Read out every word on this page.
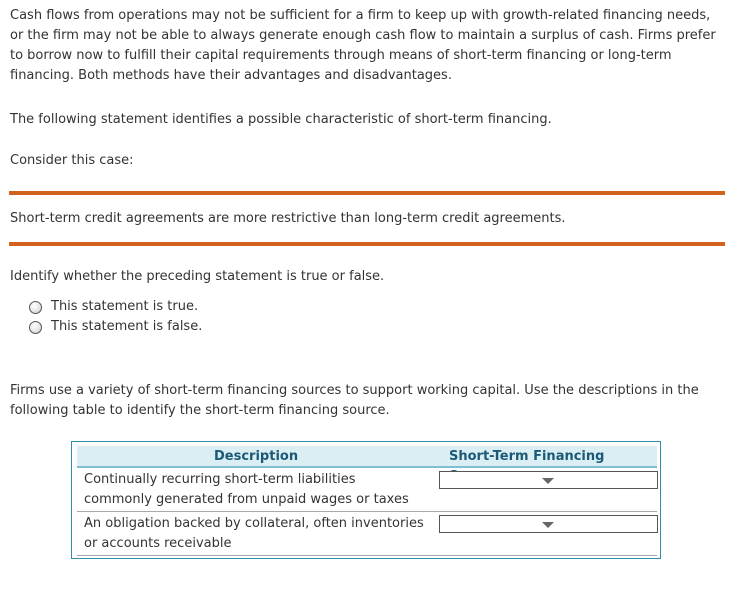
Cash flows from operations may not be sufficient for a firm to keep up with growth-related financing needs, or the firm may not be able to always generate enough cash flow to maintain a surplus of cash. Firms prefer to borrow now to fulfill their capital requirements through means of short-term financing or long-term financing. Both methods have their advantages and disadvantages.
The following statement identifies a possible characteristic of short-term financing.
Consider this case:
Short-term credit agreements are more restrictive than long-term credit agreements.
Identify whether the preceding statement is true or false.
This statement is true.
This statement is false.
Firms use a variety of short-term financing sources to support working capital. Use the descriptions in the following table to identify the short-term financing source.
Description	Short-Term Financing
Continually recurring short-term liabilities commonly generated from unpaid wages or taxes
An obligation backed by collateral, often inventories or accounts receivable
